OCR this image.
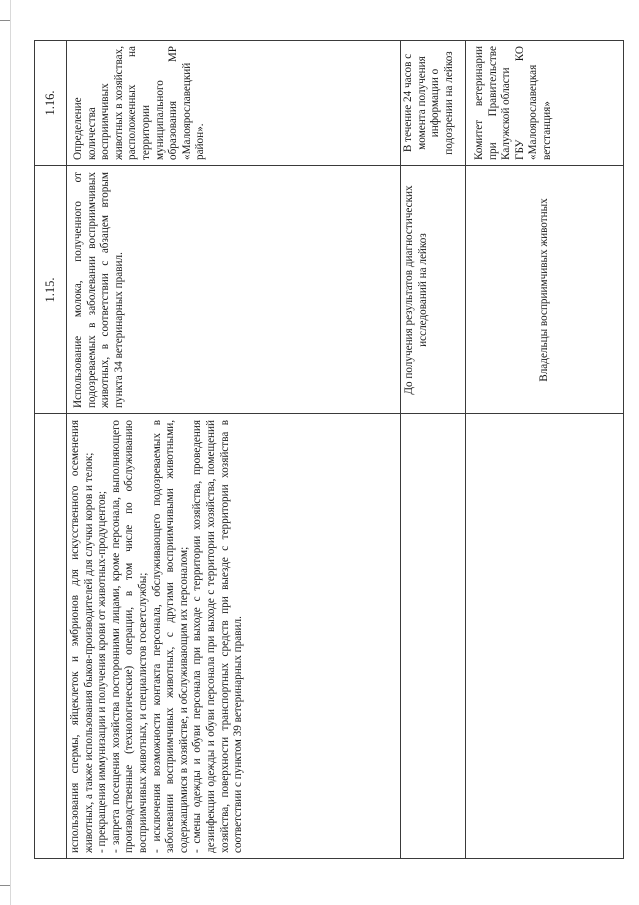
использования спермы, яйцеклеток и эмбрионов для искусственного осеменения животных, а также использования быков-производителей для случки коров и телок; - прекращения иммунизации и получения крови от животных-продуцентов; - запрета посещения хозяйства посторонними лицами, кроме персонала, выполняющего производственные (технологические) операции, в том числе по обслуживанию восприимчивых животных, и специалистов госветслужбы; - исключения возможности контакта персонала, обслуживающего подозреваемых в заболевании восприимчивых животных, с другими восприимчивыми животными, содержащимися в хозяйстве, и обслуживающим их персоналом; - смены одежды и обуви персонала при выходе с территории хозяйства, проведения дезинфекции одежды и обуви персонала при выходе с территории хозяйства, помещений хозяйства, поверхности транспортных средств при выезде с территории хозяйства в соответствии с пунктом 39 ветеринарных правил.

1.15.	Использование молока, полученного от подозреваемых в заболевании восприимчивых животных, в соответствии с абзацем вторым пункта 34 ветеринарных правил.	До получения результатов диагностических исследований на лейкоз	Владельцы восприимчивых животных
1.16.	Определение количества восприимчивых животных в хозяйствах, расположенных на территории муниципального образования МР «Малоярославецкий район».	В течение 24 часов с момента получения информации о подозрении на лейкоз	Комитет ветеринарии при Правительстве Калужской области ГБУ КО «Малоярославецкая ветстанция»
